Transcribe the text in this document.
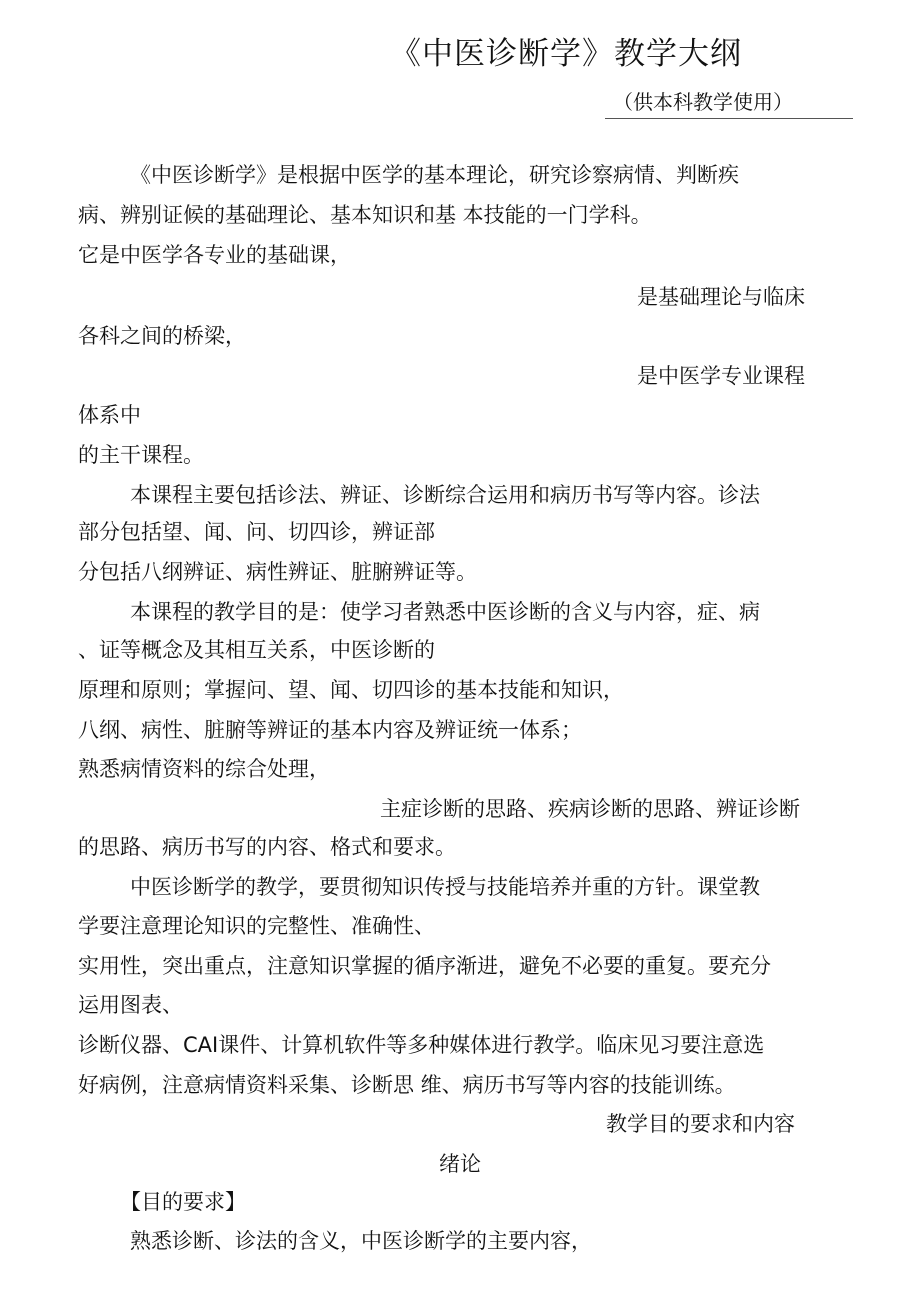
《中医诊断学》教学大纲
（供本科教学使用）
《中医诊断学》是根据中医学的基本理论，研究诊察病情、判断疾
病、辨别证候的基础理论、基本知识和基 本技能的一门学科。
它是中医学各专业的基础课，
是基础理论与临床
各科之间的桥梁，
是中医学专业课程
体系中
的主干课程。
本课程主要包括诊法、辨证、诊断综合运用和病历书写等内容。诊法
部分包括望、闻、问、切四诊，辨证部
分包括八纲辨证、病性辨证、脏腑辨证等。
本课程的教学目的是：使学习者熟悉中医诊断的含义与内容，症、病
、证等概念及其相互关系，中医诊断的
原理和原则；掌握问、望、闻、切四诊的基本技能和知识，
八纲、病性、脏腑等辨证的基本内容及辨证统一体系；
熟悉病情资料的综合处理，
主症诊断的思路、疾病诊断的思路、辨证诊断
的思路、病历书写的内容、格式和要求。
中医诊断学的教学，要贯彻知识传授与技能培养并重的方针。课堂教
学要注意理论知识的完整性、准确性、
实用性，突出重点，注意知识掌握的循序渐进，避免不必要的重复。要充分
运用图表、
诊断仪器、CAI课件、计算机软件等多种媒体进行教学。临床见习要注意选
好病例，注意病情资料采集、诊断思 维、病历书写等内容的技能训练。
教学目的要求和内容
绪论
【目的要求】
熟悉诊断、诊法的含义，中医诊断学的主要内容，
